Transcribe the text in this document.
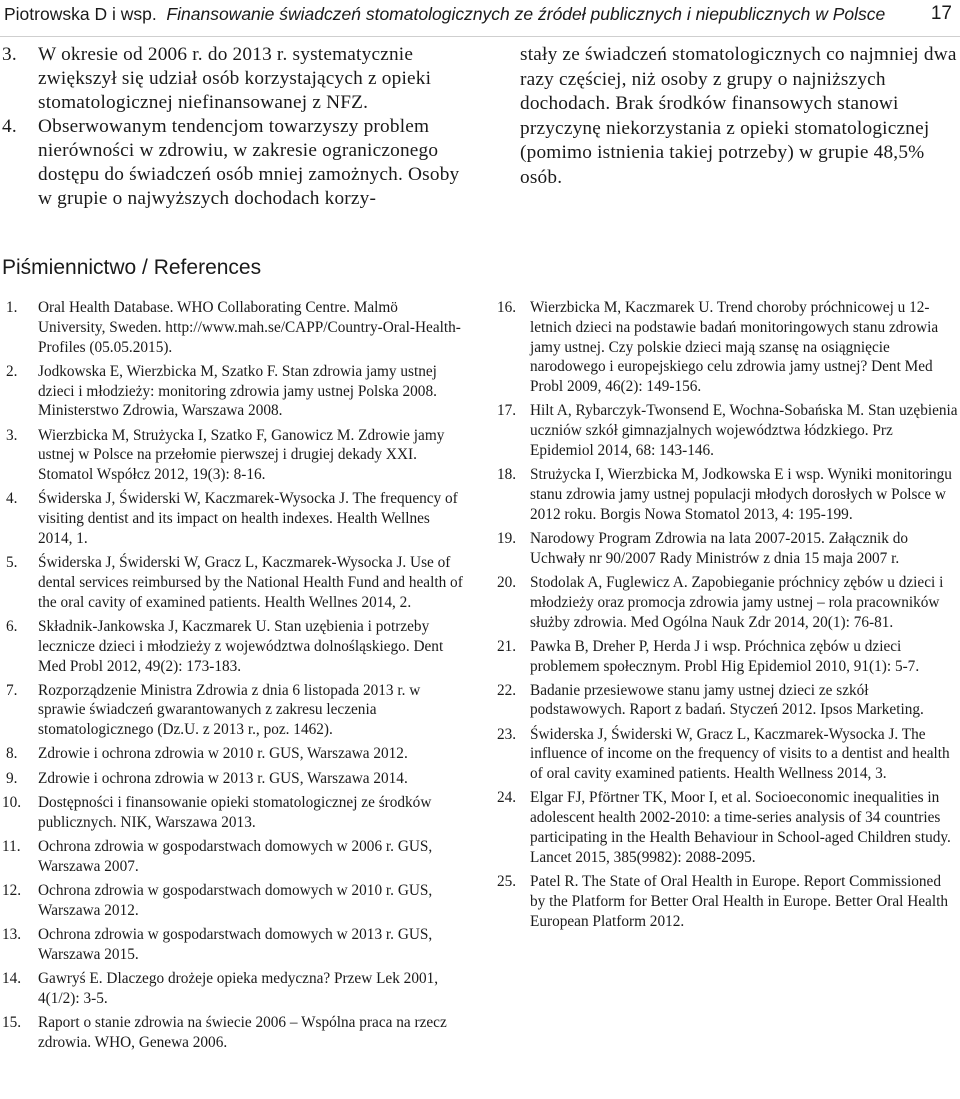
Piotrowska D i wsp. Finansowanie świadczeń stomatologicznych ze źródeł publicznych i niepublicznych w Polsce 17
3. W okresie od 2006 r. do 2013 r. systematycznie zwiększył się udział osób korzystających z opieki stomatologicznej niefinansowanej z NFZ.
4. Obserwowanym tendencjom towarzyszy problem nierówności w zdrowiu, w zakresie ograniczonego dostępu do świadczeń osób mniej zamożnych. Osoby w grupie o najwyższych dochodach korzy-
stały ze świadczeń stomatologicznych co najmniej dwa razy częściej, niż osoby z grupy o najniższych dochodach. Brak środków finansowych stanowi przyczynę niekorzystania z opieki stomatologicznej (pomimo istnienia takiej potrzeby) w grupie 48,5% osób.
Piśmiennictwo / References
1. Oral Health Database. WHO Collaborating Centre. Malmö University, Sweden. http://www.mah.se/CAPP/Country-Oral-Health-Profiles (05.05.2015).
2. Jodkowska E, Wierzbicka M, Szatko F. Stan zdrowia jamy ustnej dzieci i młodzieży: monitoring zdrowia jamy ustnej Polska 2008. Ministerstwo Zdrowia, Warszawa 2008.
3. Wierzbicka M, Strużycka I, Szatko F, Ganowicz M. Zdrowie jamy ustnej w Polsce na przełomie pierwszej i drugiej dekady XXI. Stomatol Współcz 2012, 19(3): 8-16.
4. Świderska J, Świderski W, Kaczmarek-Wysocka J. The frequency of visiting dentist and its impact on health indexes. Health Wellnes 2014, 1.
5. Świderska J, Świderski W, Gracz L, Kaczmarek-Wysocka J. Use of dental services reimbursed by the National Health Fund and health of the oral cavity of examined patients. Health Wellnes 2014, 2.
6. Składnik-Jankowska J, Kaczmarek U. Stan uzębienia i potrzeby lecznicze dzieci i młodzieży z województwa dolnośląskiego. Dent Med Probl 2012, 49(2): 173-183.
7. Rozporządzenie Ministra Zdrowia z dnia 6 listopada 2013 r. w sprawie świadczeń gwarantowanych z zakresu leczenia stomatologicznego (Dz.U. z 2013 r., poz. 1462).
8. Zdrowie i ochrona zdrowia w 2010 r. GUS, Warszawa 2012.
9. Zdrowie i ochrona zdrowia w 2013 r. GUS, Warszawa 2014.
10. Dostępności i finansowanie opieki stomatologicznej ze środków publicznych. NIK, Warszawa 2013.
11. Ochrona zdrowia w gospodarstwach domowych w 2006 r. GUS, Warszawa 2007.
12. Ochrona zdrowia w gospodarstwach domowych w 2010 r. GUS, Warszawa 2012.
13. Ochrona zdrowia w gospodarstwach domowych w 2013 r. GUS, Warszawa 2015.
14. Gawryś E. Dlaczego drożeje opieka medyczna? Przew Lek 2001, 4(1/2): 3-5.
15. Raport o stanie zdrowia na świecie 2006 – Wspólna praca na rzecz zdrowia. WHO, Genewa 2006.
16. Wierzbicka M, Kaczmarek U. Trend choroby próchnicowej u 12-letnich dzieci na podstawie badań monitoringowych stanu zdrowia jamy ustnej. Czy polskie dzieci mają szansę na osiągnięcie narodowego i europejskiego celu zdrowia jamy ustnej? Dent Med Probl 2009, 46(2): 149-156.
17. Hilt A, Rybarczyk-Twonsend E, Wochna-Sobańska M. Stan uzębienia uczniów szkół gimnazjalnych województwa łódzkiego. Prz Epidemiol 2014, 68: 143-146.
18. Strużycka I, Wierzbicka M, Jodkowska E i wsp. Wyniki monitoringu stanu zdrowia jamy ustnej populacji młodych dorosłych w Polsce w 2012 roku. Borgis Nowa Stomatol 2013, 4: 195-199.
19. Narodowy Program Zdrowia na lata 2007-2015. Załącznik do Uchwały nr 90/2007 Rady Ministrów z dnia 15 maja 2007 r.
20. Stodolak A, Fuglewicz A. Zapobieganie próchnicy zębów u dzieci i młodzieży oraz promocja zdrowia jamy ustnej – rola pracowników służby zdrowia. Med Ogólna Nauk Zdr 2014, 20(1): 76-81.
21. Pawka B, Dreher P, Herda J i wsp. Próchnica zębów u dzieci problemem społecznym. Probl Hig Epidemiol 2010, 91(1): 5-7.
22. Badanie przesiewowe stanu jamy ustnej dzieci ze szkół podstawowych. Raport z badań. Styczeń 2012. Ipsos Marketing.
23. Świderska J, Świderski W, Gracz L, Kaczmarek-Wysocka J. The influence of income on the frequency of visits to a dentist and health of oral cavity examined patients. Health Wellness 2014, 3.
24. Elgar FJ, Pförtner TK, Moor I, et al. Socioeconomic inequalities in adolescent health 2002-2010: a time-series analysis of 34 countries participating in the Health Behaviour in School-aged Children study. Lancet 2015, 385(9982): 2088-2095.
25. Patel R. The State of Oral Health in Europe. Report Commissioned by the Platform for Better Oral Health in Europe. Better Oral Health European Platform 2012.
